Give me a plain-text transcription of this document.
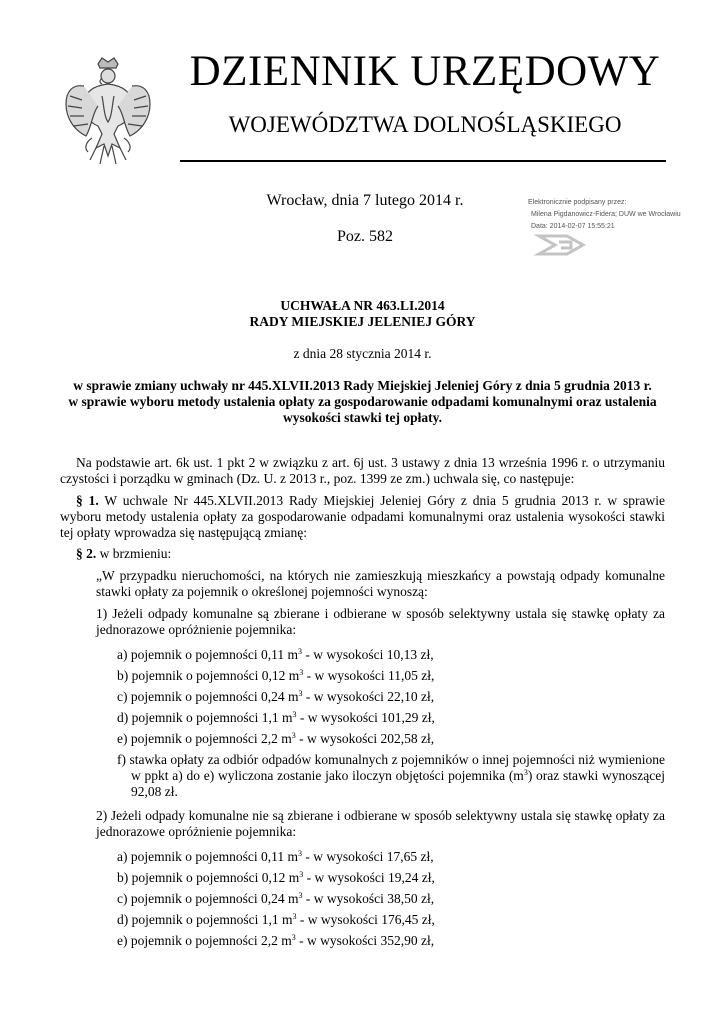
DZIENNIK URZĘDOWY
WOJEWÓDZTWA DOLNOŚLĄSKIEGO
Wrocław, dnia 7 lutego 2014 r.
Poz. 582
Elektronicznie podpisany przez:
Milena Pigdanowicz-Fidera; DUW we Wrocławiu
Data: 2014-02-07 15:55:21
UCHWAŁA NR 463.LI.2014
RADY MIEJSKIEJ JELENIEJ GÓRY
z dnia 28 stycznia 2014 r.
w sprawie zmiany uchwały nr 445.XLVII.2013 Rady Miejskiej Jeleniej Góry z dnia 5 grudnia 2013 r.
w sprawie wyboru metody ustalenia opłaty za gospodarowanie odpadami komunalnymi oraz ustalenia wysokości stawki tej opłaty.

Na podstawie art. 6k ust. 1 pkt 2 w związku z art. 6j ust. 3 ustawy z dnia 13 września 1996 r. o utrzymaniu czystości i porządku w gminach (Dz. U. z 2013 r., poz. 1399 ze zm.) uchwala się, co następuje:

§ 1. W uchwale Nr 445.XLVII.2013 Rady Miejskiej Jeleniej Góry z dnia 5 grudnia 2013 r. w sprawie wyboru metody ustalenia opłaty za gospodarowanie odpadami komunalnymi oraz ustalenia wysokości stawki tej opłaty wprowadza się następującą zmianę:

§ 2. w brzmieniu:

„W przypadku nieruchomości, na których nie zamieszkują mieszkańcy a powstają odpady komunalne stawki opłaty za pojemnik o określonej pojemności wynoszą:

1) Jeżeli odpady komunalne są zbierane i odbierane w sposób selektywny ustala się stawkę opłaty za jednorazowe opróżnienie pojemnika:

a) pojemnik o pojemności 0,11 $m^3$ - w wysokości 10,13 zł,
b) pojemnik o pojemności 0,12 $m^3$ - w wysokości 11,05 zł,
c) pojemnik o pojemności 0,24 $m^3$ - w wysokości 22,10 zł,
d) pojemnik o pojemności 1,1 $m^3$ - w wysokości 101,29 zł,
e) pojemnik o pojemności 2,2 $m^3$ - w wysokości 202,58 zł,
f) stawka opłaty za odbiór odpadów komunalnych z pojemników o innej pojemności niż wymienione w ppkt a) do e) wyliczona zostanie jako iloczyn objętości pojemnika $(m^3)$ oraz stawki wynoszącej 92,08 zł.

2) Jeżeli odpady komunalne nie są zbierane i odbierane w sposób selektywny ustala się stawkę opłaty za jednorazowe opróżnienie pojemnika:

a) pojemnik o pojemności 0,11 $m^3$ - w wysokości 17,65 zł,
b) pojemnik o pojemności 0,12 $m^3$ - w wysokości 19,24 zł,
c) pojemnik o pojemności 0,24 $m^3$ - w wysokości 38,50 zł,
d) pojemnik o pojemności 1,1 $m^3$ - w wysokości 176,45 zł,
e) pojemnik o pojemności 2,2 $m^3$ - w wysokości 352,90 zł,
